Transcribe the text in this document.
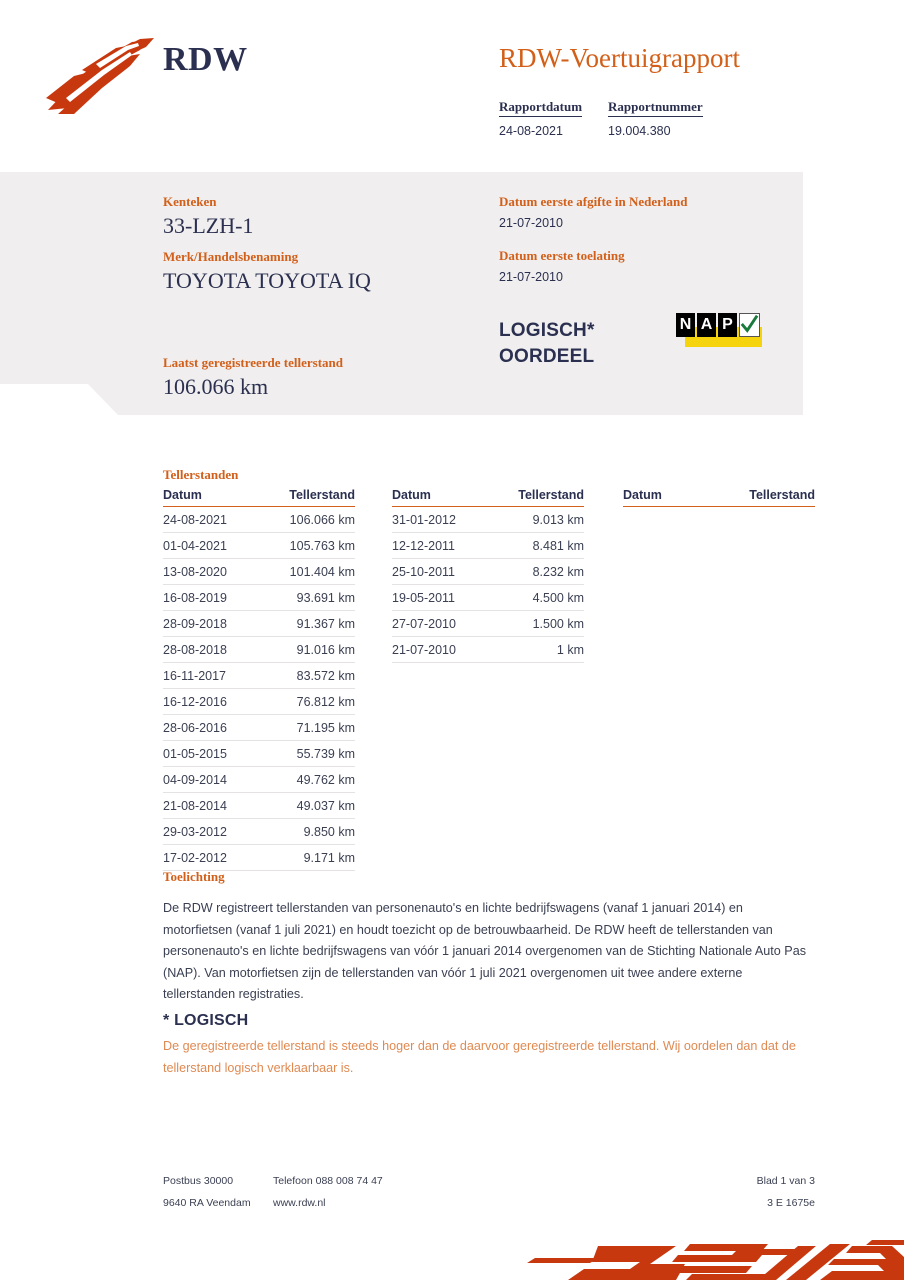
RDW	RDW-Voertuigrapport
Rapportdatum
24-08-2021
Rapportnummer
19.004.380
Kenteken
33-LZH-1
Merk/Handelsbenaming
TOYOTA TOYOTA IQ
Laatst geregistreerde tellerstand
106.066 km
Datum eerste afgifte in Nederland
21-07-2010
Datum eerste toelating
21-07-2010
LOGISCH*
OORDEEL
N A P
Tellerstanden
Datum	Tellerstand
24-08-2021	106.066 km
01-04-2021	105.763 km
13-08-2020	101.404 km
16-08-2019	93.691 km
28-09-2018	91.367 km
28-08-2018	91.016 km
16-11-2017	83.572 km
16-12-2016	76.812 km
28-06-2016	71.195 km
01-05-2015	55.739 km
04-09-2014	49.762 km
21-08-2014	49.037 km
29-03-2012	9.850 km
17-02-2012	9.171 km
Datum	Tellerstand
31-01-2012	9.013 km
12-12-2011	8.481 km
25-10-2011	8.232 km
19-05-2011	4.500 km
27-07-2010	1.500 km
21-07-2010	1 km
Datum	Tellerstand
Toelichting
De RDW registreert tellerstanden van personenauto's en lichte bedrijfswagens (vanaf 1 januari 2014) en motorfietsen (vanaf 1 juli 2021) en houdt toezicht op de betrouwbaarheid. De RDW heeft de tellerstanden van personenauto's en lichte bedrijfswagens van vóór 1 januari 2014 overgenomen van de Stichting Nationale Auto Pas (NAP). Van motorfietsen zijn de tellerstanden van vóór 1 juli 2021 overgenomen uit twee andere externe tellerstanden registraties.
* LOGISCH
De geregistreerde tellerstand is steeds hoger dan de daarvoor geregistreerde tellerstand. Wij oordelen dan dat de tellerstand logisch verklaarbaar is.
Postbus 30000	Telefoon 088 008 74 47	Blad 1 van 3
9640 RA Veendam	www.rdw.nl	3 E 1675e
